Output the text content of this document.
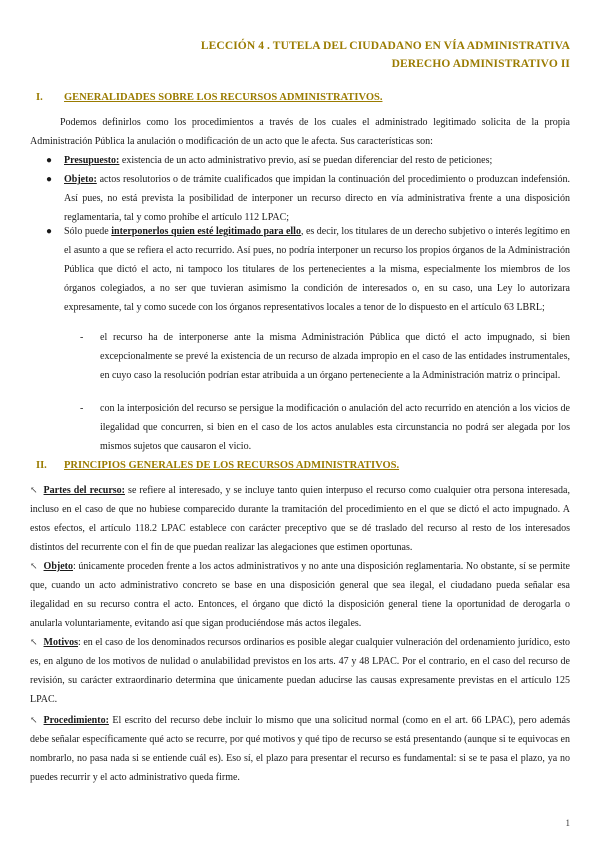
LECCIÓN 4 . TUTELA DEL CIUDADANO EN VÍA ADMINISTRATIVA
DERECHO ADMINISTRATIVO II
I. GENERALIDADES SOBRE LOS RECURSOS ADMINISTRATIVOS.
Podemos definirlos como los procedimientos a través de los cuales el administrado legitimado solicita de la propia Administración Pública la anulación o modificación de un acto que le afecta. Sus características son:
●	Presupuesto: existencia de un acto administrativo previo, así se puedan diferenciar del resto de peticiones;
●	Objeto: actos resolutorios o de trámite cualificados que impidan la continuación del procedimiento o produzcan indefensión. Así pues, no está prevista la posibilidad de interponer un recurso directo en vía administrativa frente a una disposición reglamentaria, tal y como prohíbe el artículo 112 LPAC;
●	Sólo puede interponerlos quien esté legitimado para ello, es decir, los titulares de un derecho subjetivo o interés legítimo en el asunto a que se refiera el acto recurrido. Así pues, no podría interponer un recurso los propios órganos de la Administración Pública que dictó el acto, ni tampoco los titulares de los pertenecientes a la misma, especialmente los miembros de los órganos colegiados, a no ser que tuvieran asimismo la condición de interesados o, en su caso, una Ley lo autorizara expresamente, tal y como sucede con los órganos representativos locales a tenor de lo dispuesto en el artículo 63 LBRL;
- el recurso ha de interponerse ante la misma Administración Pública que dictó el acto impugnado, si bien excepcionalmente se prevé la existencia de un recurso de alzada impropio en el caso de las entidades instrumentales, en cuyo caso la resolución podrían estar atribuida a un órgano perteneciente a la Administración matriz o principal.
- con la interposición del recurso se persigue la modificación o anulación del acto recurrido en atención a los vicios de ilegalidad que concurren, si bien en el caso de los actos anulables esta circunstancia no podrá ser alegada por los mismos sujetos que causaron el vicio.
II. PRINCIPIOS GENERALES DE LOS RECURSOS ADMINISTRATIVOS.
↖ Partes del recurso: se refiere al interesado, y se incluye tanto quien interpuso el recurso como cualquier otra persona interesada, incluso en el caso de que no hubiese comparecido durante la tramitación del procedimiento en el que se dictó el acto impugnado. A estos efectos, el artículo 118.2 LPAC establece con carácter preceptivo que se dé traslado del recurso al resto de los interesados distintos del recurrente con el fin de que puedan realizar las alegaciones que estimen oportunas.
↖ Objeto: únicamente proceden frente a los actos administrativos y no ante una disposición reglamentaria. No obstante, sí se permite que, cuando un acto administrativo concreto se base en una disposición general que sea ilegal, el ciudadano pueda señalar esa ilegalidad en su recurso contra el acto. Entonces, el órgano que dictó la disposición general tiene la oportunidad de derogarla o anularla voluntariamente, evitando así que sigan produciéndose más actos ilegales.
↖ Motivos: en el caso de los denominados recursos ordinarios es posible alegar cualquier vulneración del ordenamiento jurídico, esto es, en alguno de los motivos de nulidad o anulabilidad previstos en los arts. 47 y 48 LPAC. Por el contrario, en el caso del recurso de revisión, su carácter extraordinario determina que únicamente puedan aducirse las causas expresamente previstas en el artículo 125 LPAC.
↖ Procedimiento: El escrito del recurso debe incluir lo mismo que una solicitud normal (como en el art. 66 LPAC), pero además debe señalar específicamente qué acto se recurre, por qué motivos y qué tipo de recurso se está presentando (aunque si te equivocas en nombrarlo, no pasa nada si se entiende cuál es). Eso sí, el plazo para presentar el recurso es fundamental: si se te pasa el plazo, ya no puedes recurrir y el acto administrativo queda firme.
1
